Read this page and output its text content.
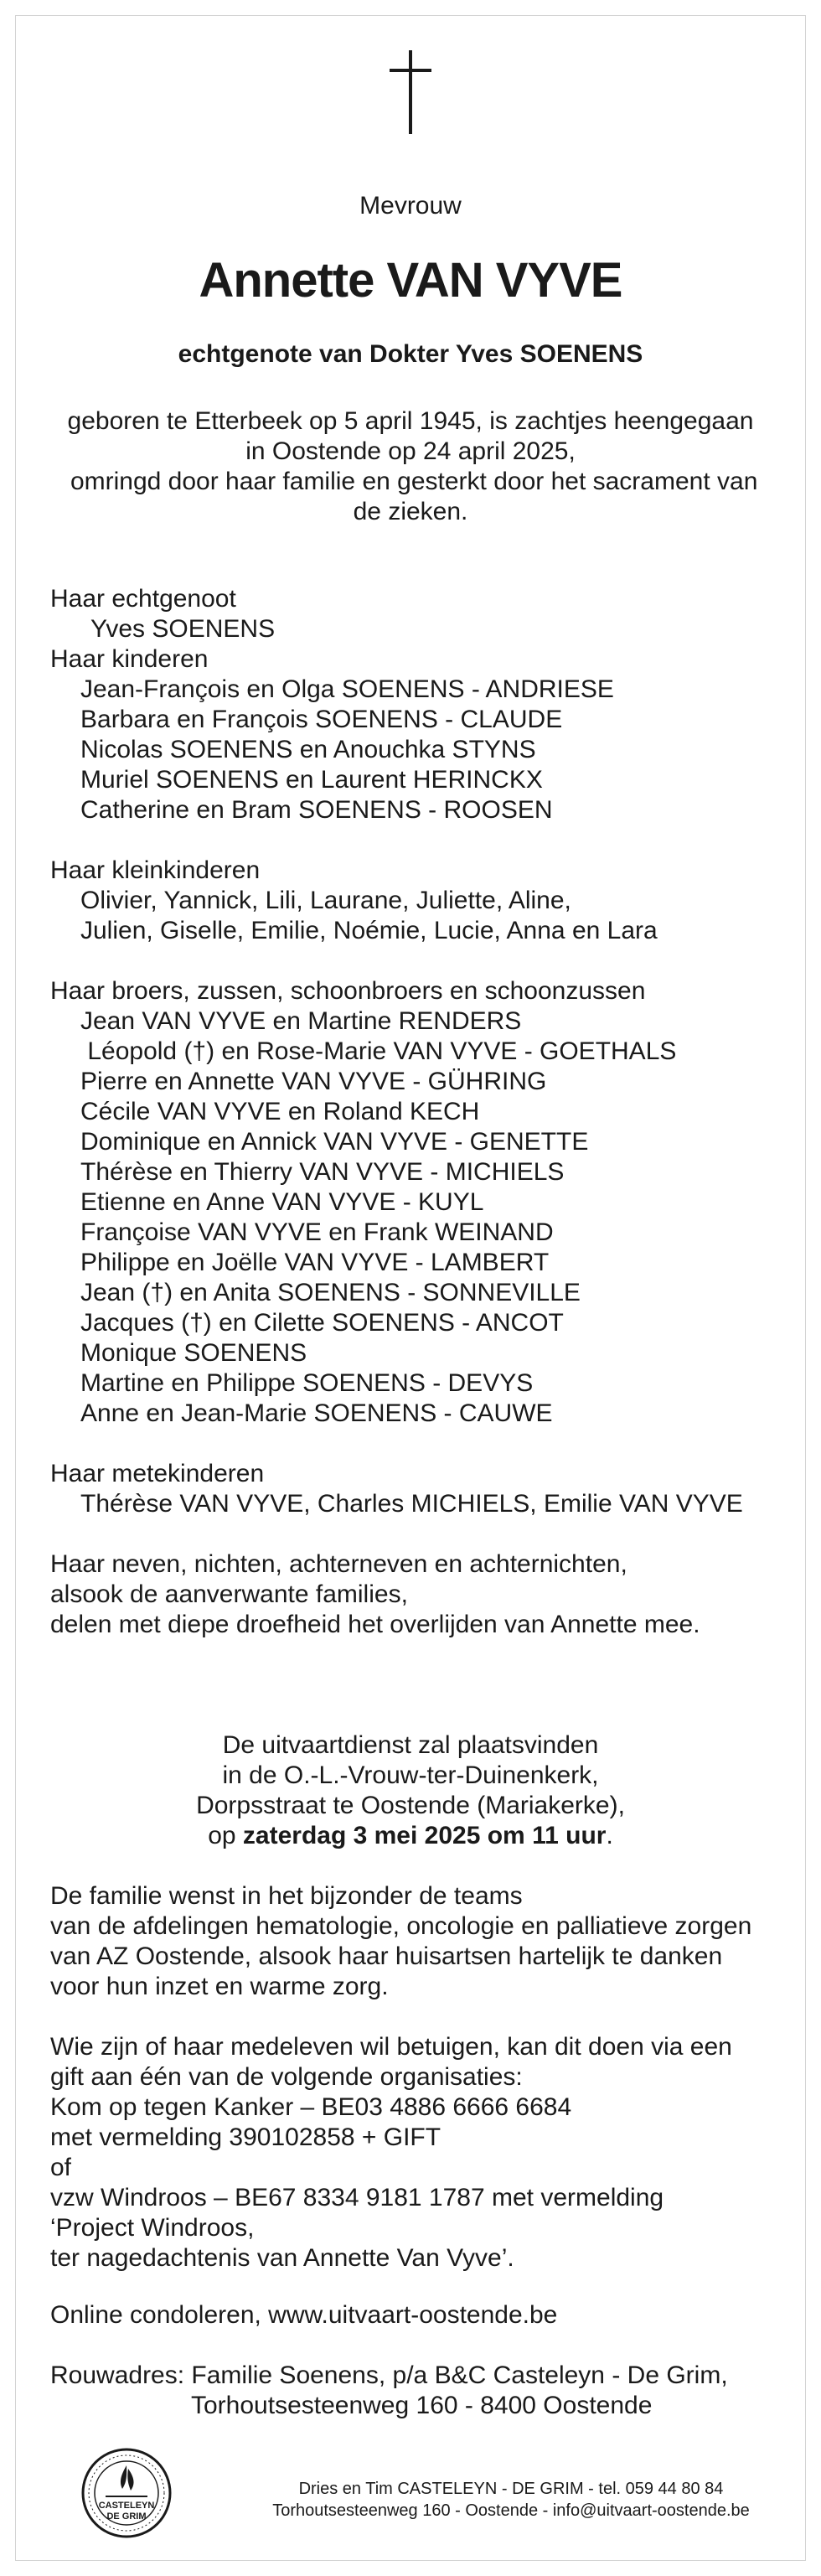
Mevrouw
Annette VAN VYVE
echtgenote van Dokter Yves SOENENS
geboren te Etterbeek op 5 april 1945, is zachtjes heengegaan
in Oostende op 24 april 2025,
omringd door haar familie en gesterkt door het sacrament van
de zieken.
Haar echtgenoot
Yves SOENENS
Haar kinderen
Jean-François en Olga SOENENS - ANDRIESE
Barbara en François SOENENS - CLAUDE
Nicolas SOENENS en Anouchka STYNS
Muriel SOENENS en Laurent HERINCKX
Catherine en Bram SOENENS - ROOSEN
Haar kleinkinderen
Olivier, Yannick, Lili, Laurane, Juliette, Aline,
Julien, Giselle, Emilie, Noémie, Lucie, Anna en Lara
Haar broers, zussen, schoonbroers en schoonzussen
Jean VAN VYVE en Martine RENDERS
Léopold (†) en Rose-Marie VAN VYVE - GOETHALS
Pierre en Annette VAN VYVE - GÜHRING
Cécile VAN VYVE en Roland KECH
Dominique en Annick VAN VYVE - GENETTE
Thérèse en Thierry VAN VYVE - MICHIELS
Etienne en Anne VAN VYVE - KUYL
Françoise VAN VYVE en Frank WEINAND
Philippe en Joëlle VAN VYVE - LAMBERT
Jean (†) en Anita SOENENS - SONNEVILLE
Jacques (†) en Cilette SOENENS - ANCOT
Monique SOENENS
Martine en Philippe SOENENS - DEVYS
Anne en Jean-Marie SOENENS - CAUWE
Haar metekinderen
Thérèse VAN VYVE, Charles MICHIELS, Emilie VAN VYVE
Haar neven, nichten, achterneven en achternichten,
alsook de aanverwante families,
delen met diepe droefheid het overlijden van Annette mee.
De uitvaartdienst zal plaatsvinden
in de O.-L.-Vrouw-ter-Duinenkerk,
Dorpsstraat te Oostende (Mariakerke),
op zaterdag 3 mei 2025 om 11 uur.
De familie wenst in het bijzonder de teams
van de afdelingen hematologie, oncologie en palliatieve zorgen
van AZ Oostende, alsook haar huisartsen hartelijk te danken
voor hun inzet en warme zorg.
Wie zijn of haar medeleven wil betuigen, kan dit doen via een
gift aan één van de volgende organisaties:
Kom op tegen Kanker – BE03 4886 6666 6684
met vermelding 390102858 + GIFT
of
vzw Windroos – BE67 8334 9181 1787 met vermelding
‘Project Windroos,
ter nagedachtenis van Annette Van Vyve’.
Online condoleren, www.uitvaart-oostende.be
Rouwadres: Familie Soenens, p/a B&C Casteleyn - De Grim,
Torhoutsesteenweg 160 - 8400 Oostende
CASTELEYN
DE GRIM
Dries en Tim CASTELEYN - DE GRIM - tel. 059 44 80 84
Torhoutsesteenweg 160 - Oostende - info@uitvaart-oostende.be
